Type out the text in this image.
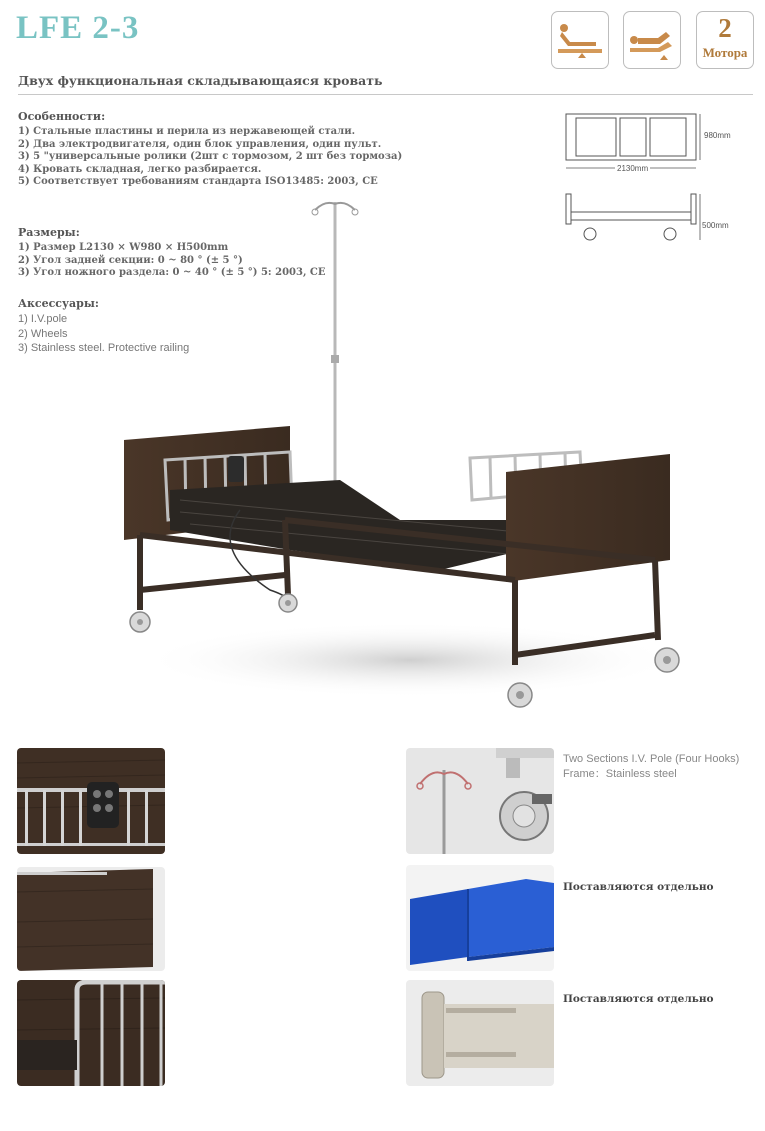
LFE 2-3	2
Мотора
Двух функциональная складывающаяся кровать
Особенности:
1) Стальные пластины и перила из нержавеющей стали.
2) Два электродвигателя, один блок управления, один пульт.
3) 5 "универсальные ролики (2шт с тормозом, 2 шт без тормоза)
4) Кровать складная, легко разбирается.
5) Соответствует требованиям стандарта ISO13485: 2003, CE
Размеры:
1) Размер L2130 × W980 × H500mm
2) Угол задней секции: 0 ~ 80 ° (± 5 °)
3) Угол ножного раздела: 0 ~ 40 ° (± 5 °) 5: 2003, CE
Аксессуары:
1) I.V.pole
2) Wheels
3) Stainless steel. Protective railing
980mm
2130mm
500mm
Two Sections I.V. Pole (Four Hooks)
Frame：Stainless steel
Поставляются отдельно
Поставляются отдельно
